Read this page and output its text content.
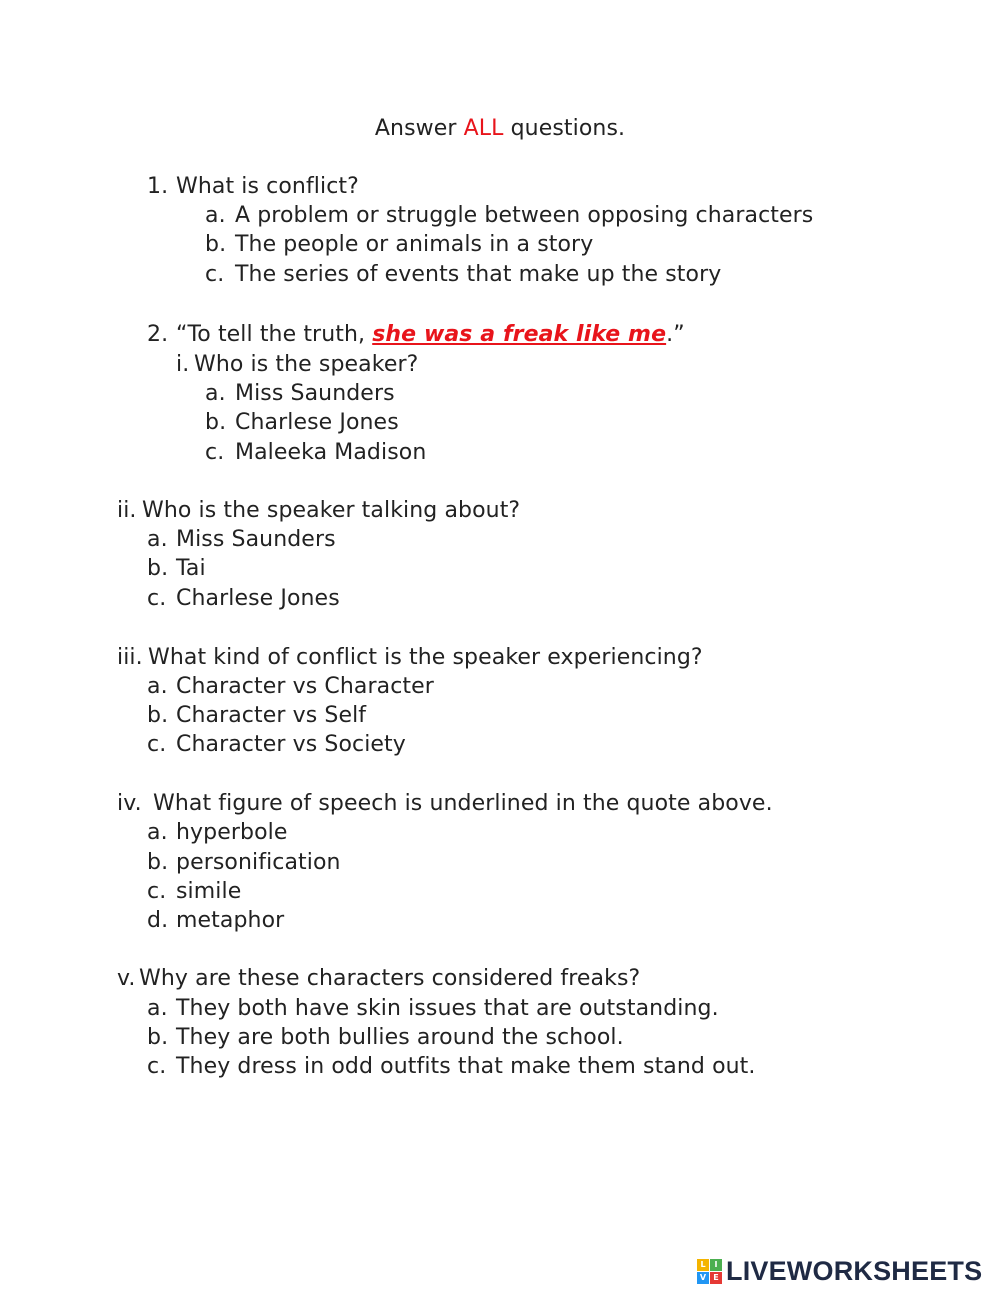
Answer ALL questions.
1. What is conflict?
a. A problem or struggle between opposing characters
b. The people or animals in a story
c. The series of events that make up the story
2. “To tell the truth, she was a freak like me.”
i. Who is the speaker?
a. Miss Saunders
b. Charlese Jones
c. Maleeka Madison
ii. Who is the speaker talking about?
a. Miss Saunders
b. Tai
c. Charlese Jones
iii. What kind of conflict is the speaker experiencing?
a. Character vs Character
b. Character vs Self
c. Character vs Society
iv. What figure of speech is underlined in the quote above.
a. hyperbole
b. personification
c. simile
d. metaphor
v. Why are these characters considered freaks?
a. They both have skin issues that are outstanding.
b. They are both bullies around the school.
c. They dress in odd outfits that make them stand out.
L	I
V E LIVEWORKSHEETS
